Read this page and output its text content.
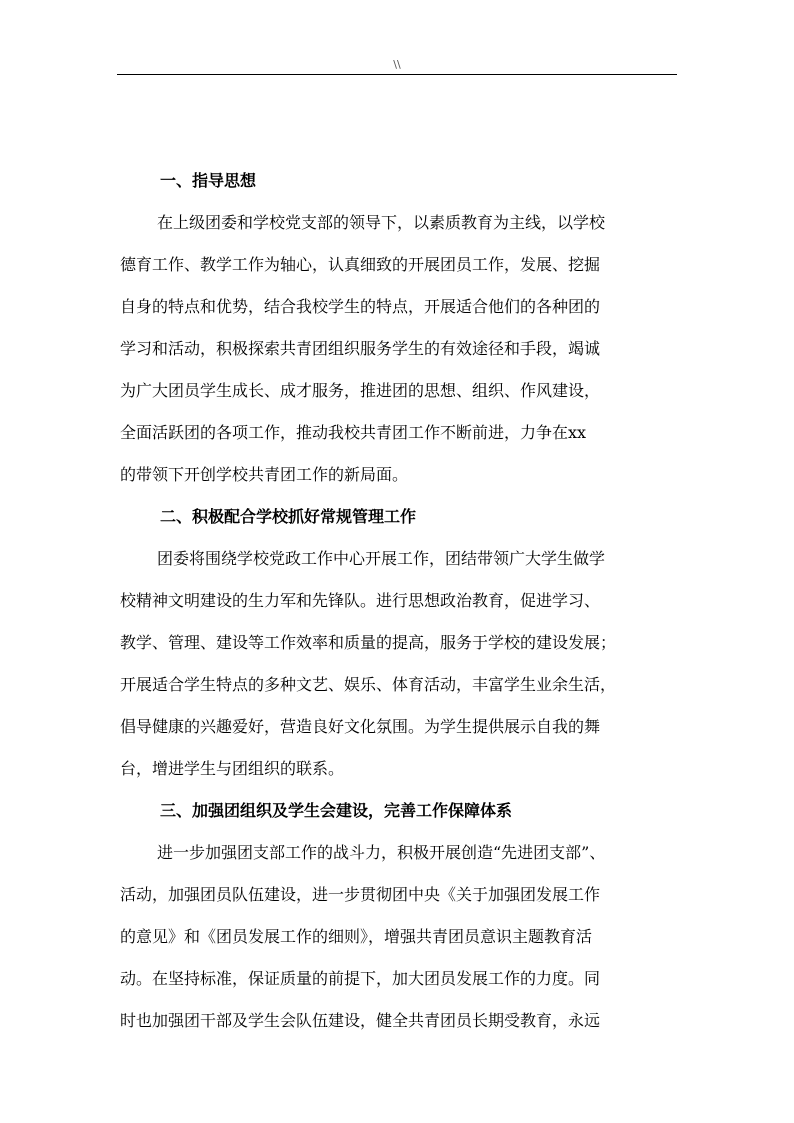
\\

一、指导思想

在上级团委和学校党支部的领导下，以素质教育为主线，以学校

德育工作、教学工作为轴心，认真细致的开展团员工作，发展、挖掘

自身的特点和优势，结合我校学生的特点，开展适合他们的各种团的

学习和活动，积极探索共青团组织服务学生的有效途径和手段，竭诚

为广大团员学生成长、成才服务，推进团的思想、组织、作风建设，

全面活跃团的各项工作，推动我校共青团工作不断前进，力争在xx

的带领下开创学校共青团工作的新局面。

二、积极配合学校抓好常规管理工作

团委将围绕学校党政工作中心开展工作，团结带领广大学生做学

校精神文明建设的生力军和先锋队。进行思想政治教育，促进学习、

教学、管理、建设等工作效率和质量的提高，服务于学校的建设发展；

开展适合学生特点的多种文艺、娱乐、体育活动，丰富学生业余生活，

倡导健康的兴趣爱好，营造良好文化氛围。为学生提供展示自我的舞

台，增进学生与团组织的联系。

三、加强团组织及学生会建设，完善工作保障体系

进一步加强团支部工作的战斗力，积极开展创造“先进团支部”、

活动，加强团员队伍建设，进一步贯彻团中央《关于加强团发展工作

的意见》和《团员发展工作的细则》，增强共青团员意识主题教育活

动。在坚持标准，保证质量的前提下，加大团员发展工作的力度。同

时也加强团干部及学生会队伍建设，健全共青团员长期受教育，永远
